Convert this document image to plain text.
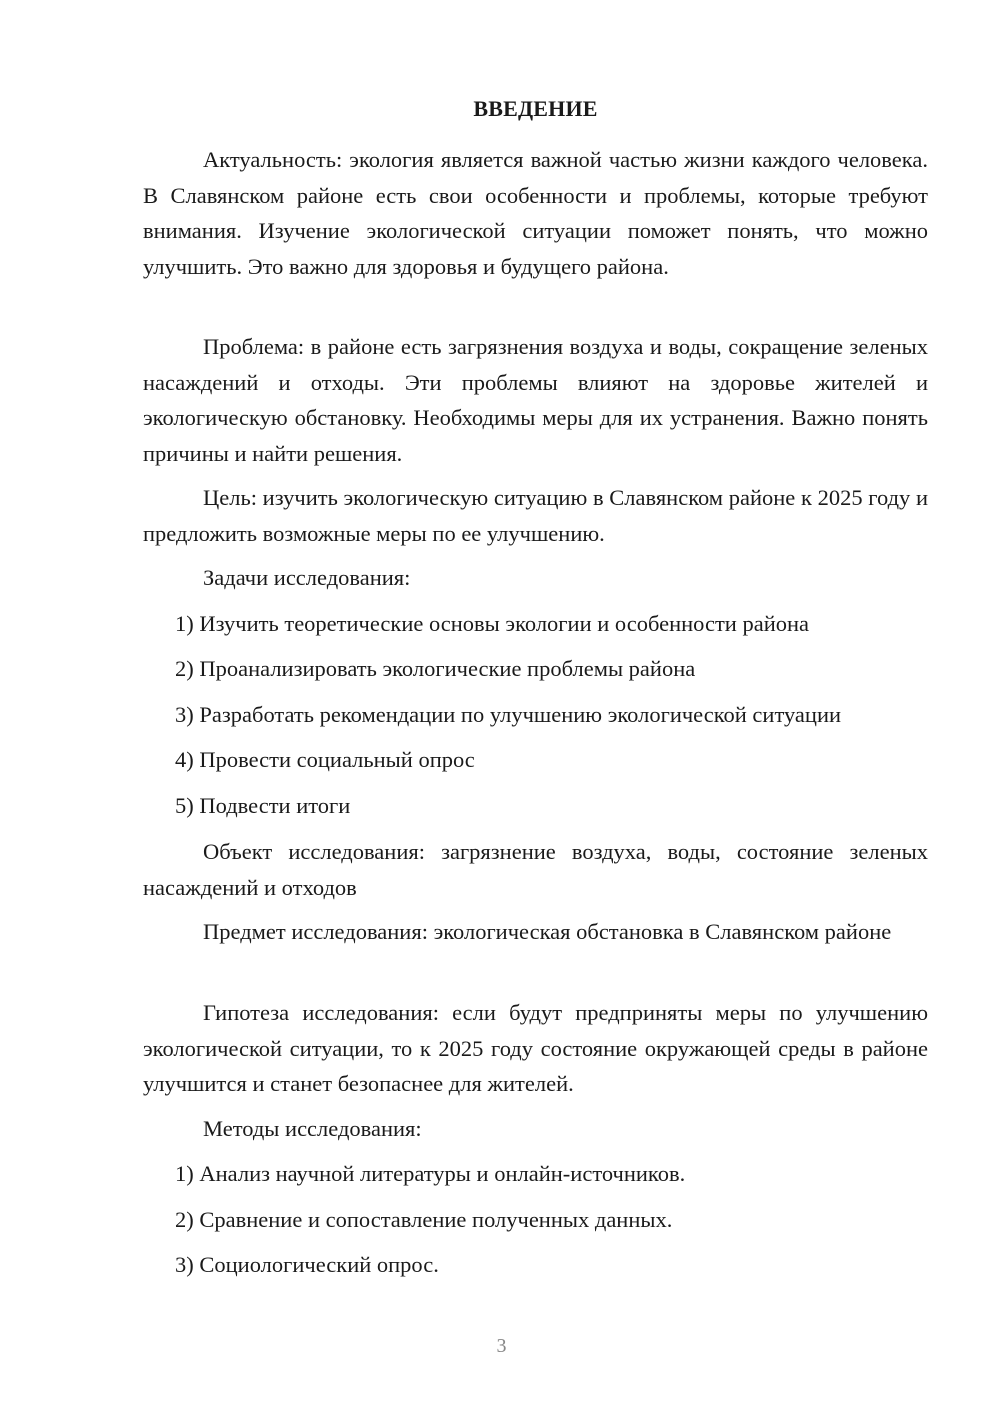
ВВЕДЕНИЕ

Актуальность: экология является важной частью жизни каждого человека. В Славянском районе есть свои особенности и проблемы, которые требуют внимания. Изучение экологической ситуации поможет понять, что можно улучшить. Это важно для здоровья и будущего района.

Проблема: в районе есть загрязнения воздуха и воды, сокращение зеленых насаждений и отходы. Эти проблемы влияют на здоровье жителей и экологическую обстановку. Необходимы меры для их устранения. Важно понять причины и найти решения.

Цель: изучить экологическую ситуацию в Славянском районе к 2025 году и предложить возможные меры по ее улучшению.

Задачи исследования:
1) Изучить теоретические основы экологии и особенности района
2) Проанализировать экологические проблемы района
3) Разработать рекомендации по улучшению экологической ситуации
4) Провести социальный опрос
5) Подвести итоги

Объект исследования: загрязнение воздуха, воды, состояние зеленых насаждений и отходов

Предмет исследования: экологическая обстановка в Славянском районе

Гипотеза исследования: если будут предприняты меры по улучшению экологической ситуации, то к 2025 году состояние окружающей среды в районе улучшится и станет безопаснее для жителей.

Методы исследования:
1) Анализ научной литературы и онлайн-источников.
2) Сравнение и сопоставление полученных данных.
3) Социологический опрос.
3
